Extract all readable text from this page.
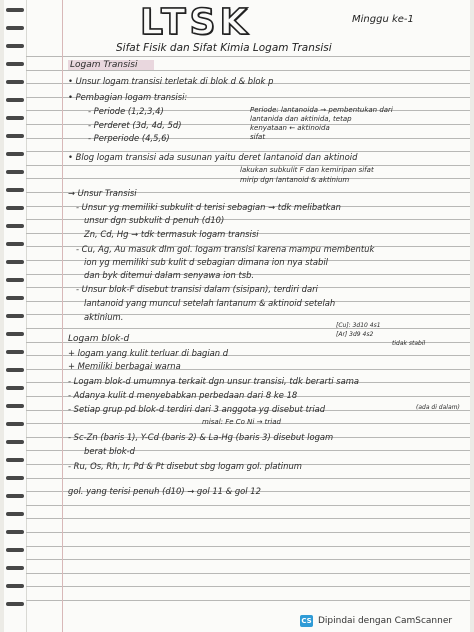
LTSK	Minggu ke-1
Sifat Fisik dan Sifat Kimia Logam Transisi
Logam Transisi
• Unsur logam transisi terletak di blok d & blok p
• Pembagian logam transisi:
- Periode (1,2,3,4)
- Perderet (3d, 4d, 5d)
- Perperiode (4,5,6)
Periode: lantanoida → pembentukan dari
lantanida dan aktinida, tetap
kenyataan ← aktinoida
sifat
• Blog logam transisi ada susunan yaitu deret lantanoid dan aktinoid
lakukan subkulit F dan kemiripan sifat
mirip dgn lantanoid & aktinium
→ Unsur Transisi
- Unsur yg memiliki subkulit d terisi sebagian → tdk melibatkan
unsur dgn subkulit d penuh (d10)
Zn, Cd, Hg → tdk termasuk logam transisi
- Cu, Ag, Au masuk dlm gol. logam transisi karena mampu membentuk
ion yg memiliki sub kulit d sebagian dimana ion nya stabil
dan byk ditemui dalam senyawa ion tsb.
- Unsur blok-F disebut transisi dalam (sisipan), terdiri dari
lantanoid yang muncul setelah lantanum & aktinoid setelah
aktinium.
[Cu]: 3d10 4s1
[Ar] 3d9 4s2
tidak stabil
Logam blok-d
+ logam yang kulit terluar di bagian d
+ Memiliki berbagai warna
- Logam blok-d umumnya terkait dgn unsur transisi, tdk berarti sama
- Adanya kulit d menyebabkan perbedaan dari 8 ke 18
- Setiap grup pd blok-d terdiri dari 3 anggota yg disebut triad	(ada di dalam)
misal: Fe Co Ni → triad
- Sc-Zn (baris 1), Y-Cd (baris 2) & La-Hg (baris 3) disebut logam
berat blok-d
- Ru, Os, Rh, Ir, Pd & Pt disebut sbg logam gol. platinum
gol. yang terisi penuh (d10) → gol 11 & gol 12
CS Dipindai dengan CamScanner
